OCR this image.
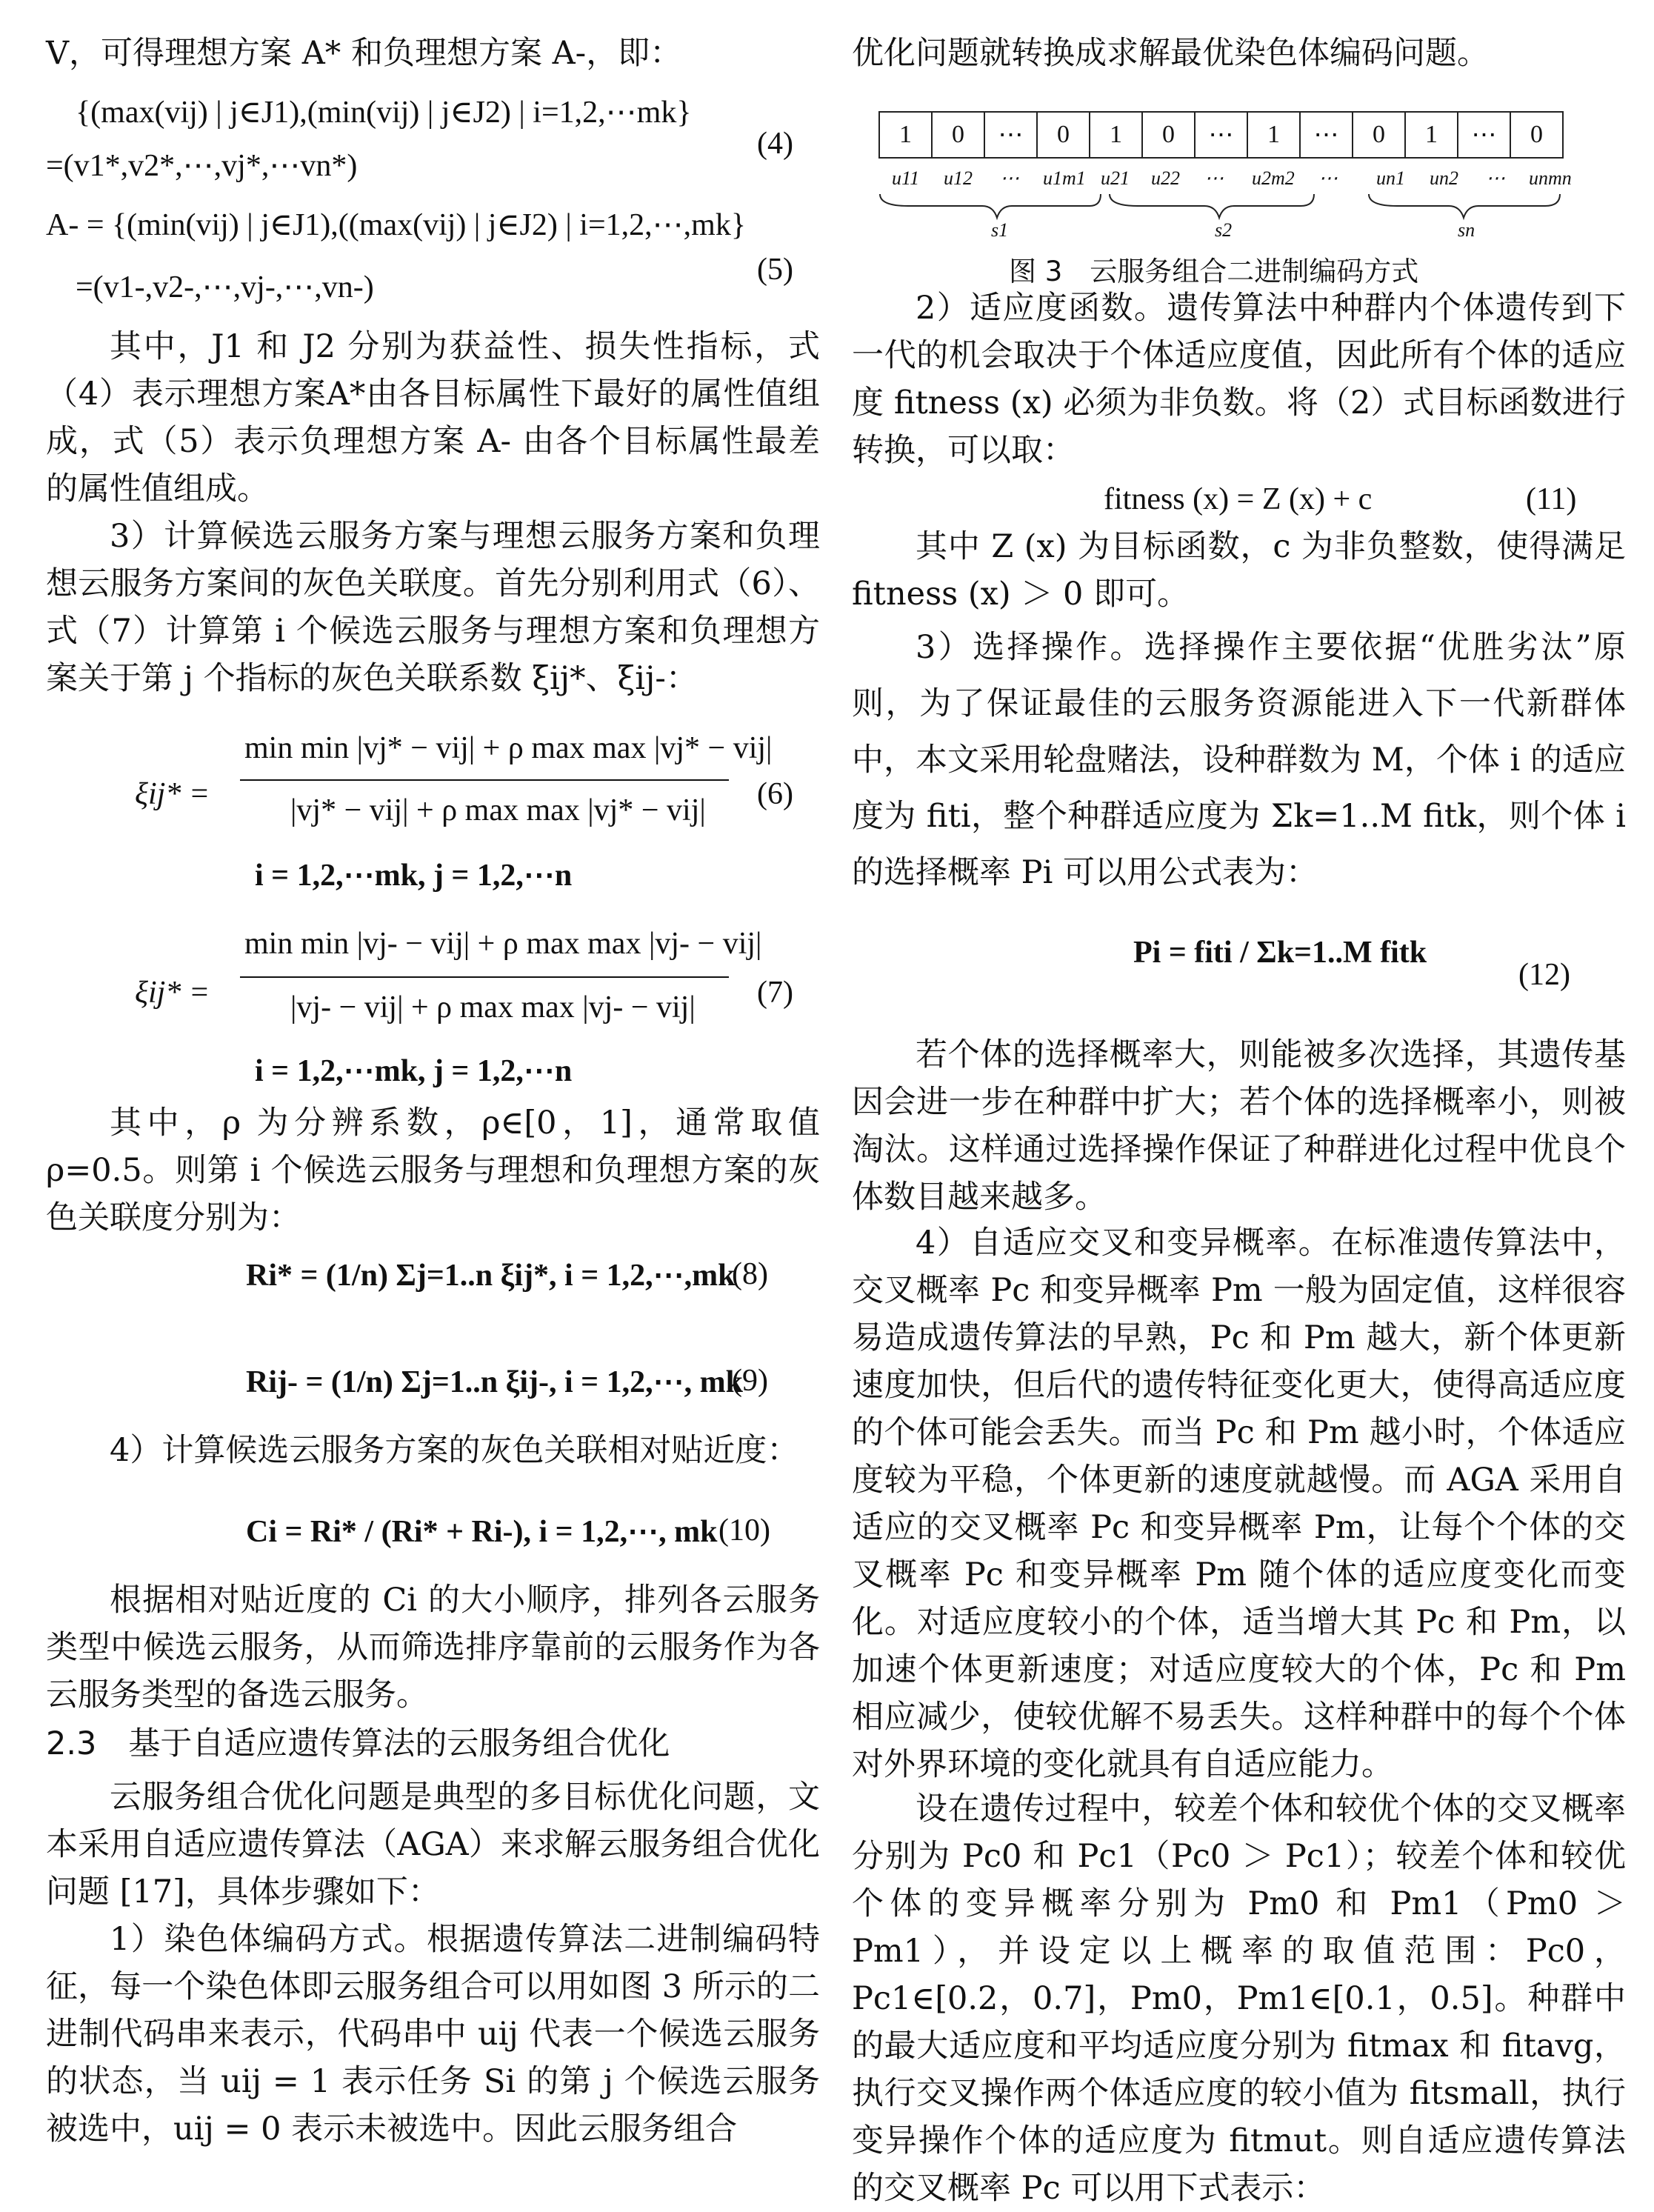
V，可得理想方案 A* 和负理想方案 A-，即：

{(max(vij) | j∈J1),(min(vij) | j∈J2) | i=1,2,⋯mk}
=(v1*,v2*,⋯,vj*,⋯vn*)
(4)
A- = {(min(vij) | j∈J1),((max(vij) | j∈J2) | i=1,2,⋯,mk}
=(v1-,v2-,⋯,vj-,⋯,vn-)
(5)

其中，J1 和 J2 分别为获益性、损失性指标，式（4）表示理想方案A*由各目标属性下最好的属性值组成，式（5）表示负理想方案 A- 由各个目标属性最差的属性值组成。

3）计算候选云服务方案与理想云服务方案和负理想云服务方案间的灰色关联度。首先分别利用式（6）、式（7）计算第 i 个候选云服务与理想方案和负理想方案关于第 j 个指标的灰色关联系数 ξij*、ξij-：

ξij* =
min min |vj* − vij| + ρ max max |vj* − vij|
|vj* − vij| + ρ max max |vj* − vij| (6)
i = 1,2,⋯mk, j = 1,2,⋯n
ξij* =
min min |vj- − vij| + ρ max max |vj- − vij|
|vj- − vij| + ρ max max |vj- − vij| (7)
i = 1,2,⋯mk, j = 1,2,⋯n

其中，ρ 为分辨系数，ρ∈[0，1]，通常取值 ρ=0.5。则第 i 个候选云服务与理想和负理想方案的灰色关联度分别为：

Ri* = (1/n) Σj=1..n ξij*, i = 1,2,⋯,mk
(8)
Rij- = (1/n) Σj=1..n ξij-, i = 1,2,⋯, mk
(9)

4）计算候选云服务方案的灰色关联相对贴近度：

Ci = Ri* / (Ri* + Ri-), i = 1,2,⋯, mk (10)

根据相对贴近度的 Ci 的大小顺序，排列各云服务类型中候选云服务，从而筛选排序靠前的云服务作为各云服务类型的备选云服务。

2.3　基于自适应遗传算法的云服务组合优化

云服务组合优化问题是典型的多目标优化问题，文本采用自适应遗传算法（AGA）来求解云服务组合优化问题 [17]，具体步骤如下：

1）染色体编码方式。根据遗传算法二进制编码特征，每一个染色体即云服务组合可以用如图 3 所示的二进制代码串来表示，代码串中 uij 代表一个候选云服务的状态，当 uij = 1 表示任务 Si 的第 j 个候选云服务被选中，uij = 0 表示未被选中。因此云服务组合

优化问题就转换成求解最优染色体编码问题。

1	0	⋯	0	1	0	⋯	1	⋯	0	1	⋯	0
u11 u12 ⋯ u1m1 u21 u22 ⋯ u2m2 ⋯ un1 un2 ⋯ unmn
s1	s2	sn
图 3　云服务组合二进制编码方式

2）适应度函数。遗传算法中种群内个体遗传到下一代的机会取决于个体适应度值，因此所有个体的适应度 fitness (x) 必须为非负数。将（2）式目标函数进行转换，可以取：

fitness (x) = Z (x) + c	(11)

其中 Z (x) 为目标函数，c 为非负整数，使得满足 fitness (x) ＞ 0 即可。

3）选择操作。选择操作主要依据“优胜劣汰”原则，为了保证最佳的云服务资源能进入下一代新群体中，本文采用轮盘赌法，设种群数为 M，个体 i 的适应度为 fiti，整个种群适应度为 Σk=1..M fitk，则个体 i 的选择概率 Pi 可以用公式表为：

Pi = fiti / Σk=1..M fitk
(12)

若个体的选择概率大，则能被多次选择，其遗传基因会进一步在种群中扩大；若个体的选择概率小，则被淘汰。这样通过选择操作保证了种群进化过程中优良个体数目越来越多。

4）自适应交叉和变异概率。在标准遗传算法中，交叉概率 Pc 和变异概率 Pm 一般为固定值，这样很容易造成遗传算法的早熟，Pc 和 Pm 越大，新个体更新速度加快，但后代的遗传特征变化更大，使得高适应度的个体可能会丢失。而当 Pc 和 Pm 越小时，个体适应度较为平稳，个体更新的速度就越慢。而 AGA 采用自适应的交叉概率 Pc 和变异概率 Pm，让每个个体的交叉概率 Pc 和变异概率 Pm 随个体的适应度变化而变化。对适应度较小的个体，适当增大其 Pc 和 Pm，以加速个体更新速度；对适应度较大的个体，Pc 和 Pm 相应减少，使较优解不易丢失。这样种群中的每个个体对外界环境的变化就具有自适应能力。

设在遗传过程中，较差个体和较优个体的交叉概率分别为 Pc0 和 Pc1（Pc0 ＞ Pc1）；较差个体和较优个体的变异概率分别为 Pm0 和 Pm1（Pm0 ＞ Pm1），并设定以上概率的取值范围：Pc0，Pc1∈[0.2，0.7]，Pm0，Pm1∈[0.1，0.5]。种群中的最大适应度和平均适应度分别为 fitmax 和 fitavg，执行交叉操作两个体适应度的较小值为 fitsmall，执行变异操作个体的适应度为 fitmut。则自适应遗传算法的交叉概率 Pc 可以用下式表示：
